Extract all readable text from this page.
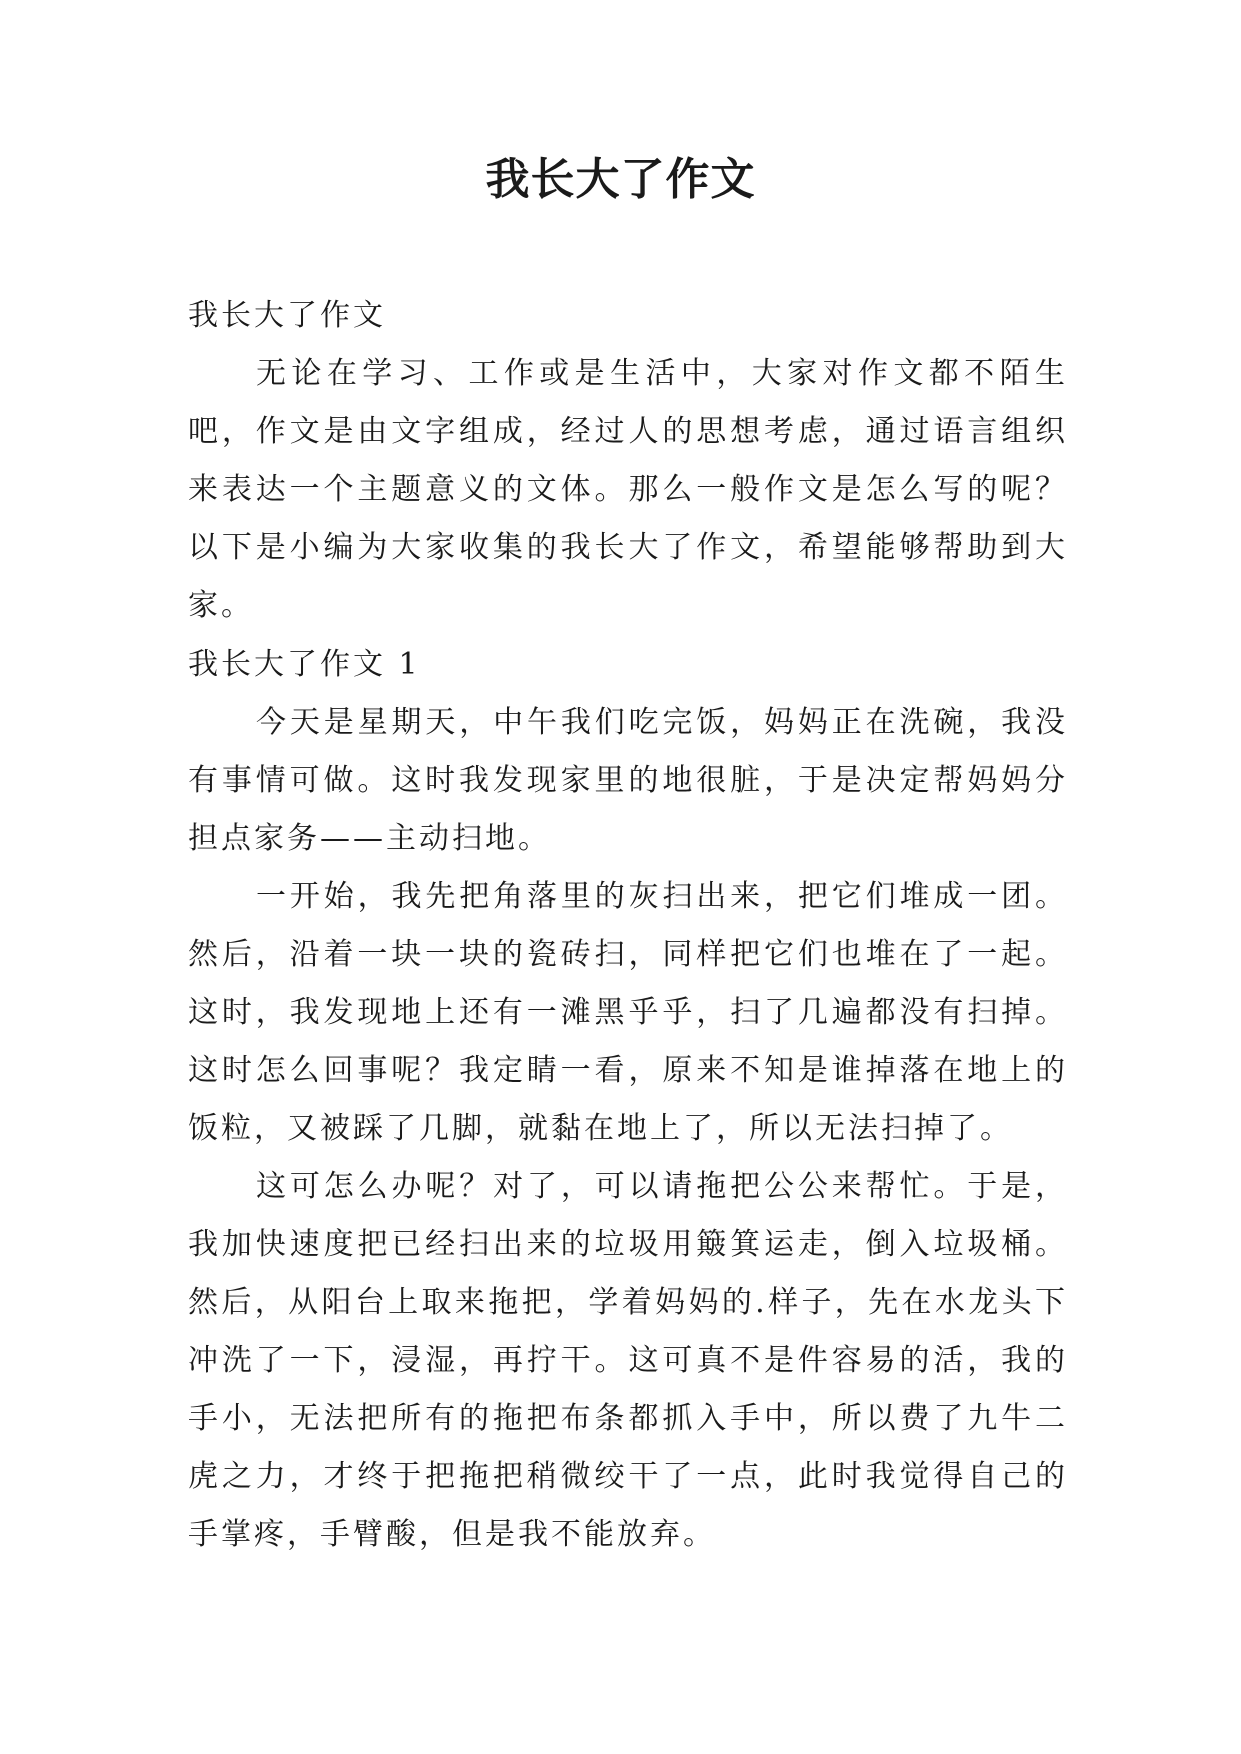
我长大了作文

我长大了作文

无论在学习、工作或是生活中，大家对作文都不陌生吧，作文是由文字组成，经过人的思想考虑，通过语言组织来表达一个主题意义的文体。那么一般作文是怎么写的呢？以下是小编为大家收集的我长大了作文，希望能够帮助到大家。

我长大了作文 1

今天是星期天，中午我们吃完饭，妈妈正在洗碗，我没有事情可做。这时我发现家里的地很脏，于是决定帮妈妈分担点家务——主动扫地。

一开始，我先把角落里的灰扫出来，把它们堆成一团。然后，沿着一块一块的瓷砖扫，同样把它们也堆在了一起。这时，我发现地上还有一滩黑乎乎，扫了几遍都没有扫掉。这时怎么回事呢？我定睛一看，原来不知是谁掉落在地上的饭粒，又被踩了几脚，就黏在地上了，所以无法扫掉了。

这可怎么办呢？对了，可以请拖把公公来帮忙。于是，我加快速度把已经扫出来的垃圾用簸箕运走，倒入垃圾桶。然后，从阳台上取来拖把，学着妈妈的.样子，先在水龙头下冲洗了一下，浸湿，再拧干。这可真不是件容易的活，我的手小，无法把所有的拖把布条都抓入手中，所以费了九牛二虎之力，才终于把拖把稍微绞干了一点，此时我觉得自己的手掌疼，手臂酸，但是我不能放弃。
